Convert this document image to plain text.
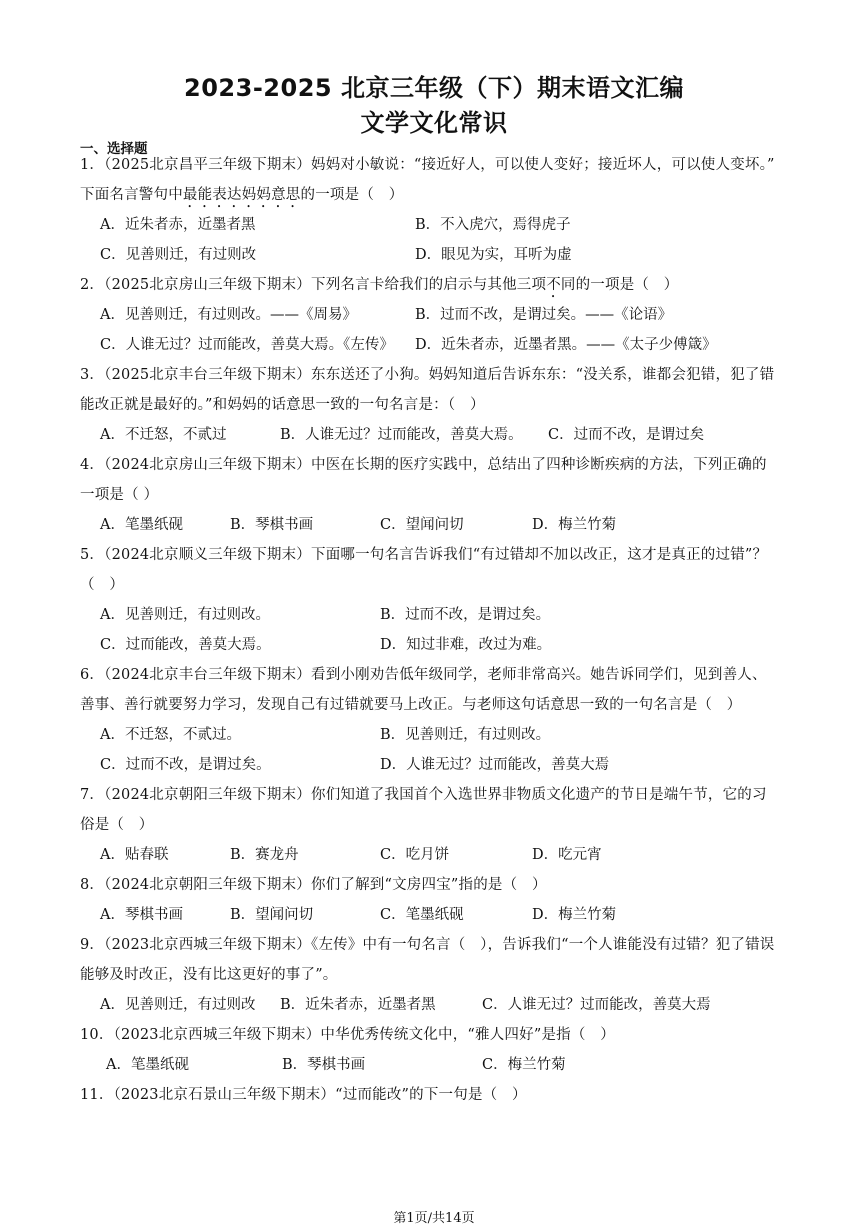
2023-2025 北京三年级（下）期末语文汇编
文学文化常识
一、选择题
1．（2025北京昌平三年级下期末）妈妈对小敏说：“接近好人，可以使人变好；接近坏人，可以使人变坏。”
下面名言警句中最能表达妈妈意思的一项是（　）
A．近朱者赤，近墨者黑	B．不入虎穴，焉得虎子
C．见善则迁，有过则改	D．眼见为实，耳听为虚
2．（2025北京房山三年级下期末）下列名言卡给我们的启示与其他三项不同的一项是（　）
A．见善则迁，有过则改。——《周易》	B．过而不改，是谓过矣。——《论语》
C．人谁无过？过而能改，善莫大焉。《左传》 D．近朱者赤，近墨者黑。——《太子少傅箴》
3．（2025北京丰台三年级下期末）东东送还了小狗。妈妈知道后告诉东东：“没关系，谁都会犯错，犯了错
能改正就是最好的。”和妈妈的话意思一致的一句名言是：（　）
A．不迁怒，不贰过	B．人谁无过？过而能改，善莫大焉。 C．过而不改，是谓过矣
4．（2024北京房山三年级下期末）中医在长期的医疗实践中，总结出了四种诊断疾病的方法，下列正确的
一项是（ ）
A．笔墨纸砚	B．琴棋书画	C．望闻问切	D．梅兰竹菊
5．（2024北京顺义三年级下期末）下面哪一句名言告诉我们“有过错却不加以改正，这才是真正的过错”？
（　）
A．见善则迁，有过则改。	B．过而不改，是谓过矣。
C．过而能改，善莫大焉。	D．知过非难，改过为难。
6．（2024北京丰台三年级下期末）看到小刚劝告低年级同学，老师非常高兴。她告诉同学们，见到善人、
善事、善行就要努力学习，发现自己有过错就要马上改正。与老师这句话意思一致的一句名言是（　）
A．不迁怒，不贰过。	B．见善则迁，有过则改。
C．过而不改，是谓过矣。	D．人谁无过？过而能改，善莫大焉
7．（2024北京朝阳三年级下期末）你们知道了我国首个入选世界非物质文化遗产的节日是端午节，它的习
俗是（　）
A．贴春联	B．赛龙舟	C．吃月饼	D．吃元宵
8．（2024北京朝阳三年级下期末）你们了解到“文房四宝”指的是（　）
A．琴棋书画	B．望闻问切	C．笔墨纸砚	D．梅兰竹菊
9．（2023北京西城三年级下期末）《左传》中有一句名言（　），告诉我们“一个人谁能没有过错？犯了错误
能够及时改正，没有比这更好的事了”。
A．见善则迁，有过则改 B．近朱者赤，近墨者黑	C．人谁无过？过而能改，善莫大焉
10．（2023北京西城三年级下期末）中华优秀传统文化中，“雅人四好”是指（　）
A．笔墨纸砚	B．琴棋书画	C．梅兰竹菊
11．（2023北京石景山三年级下期末）“过而能改”的下一句是（　）
第1页/共14页
